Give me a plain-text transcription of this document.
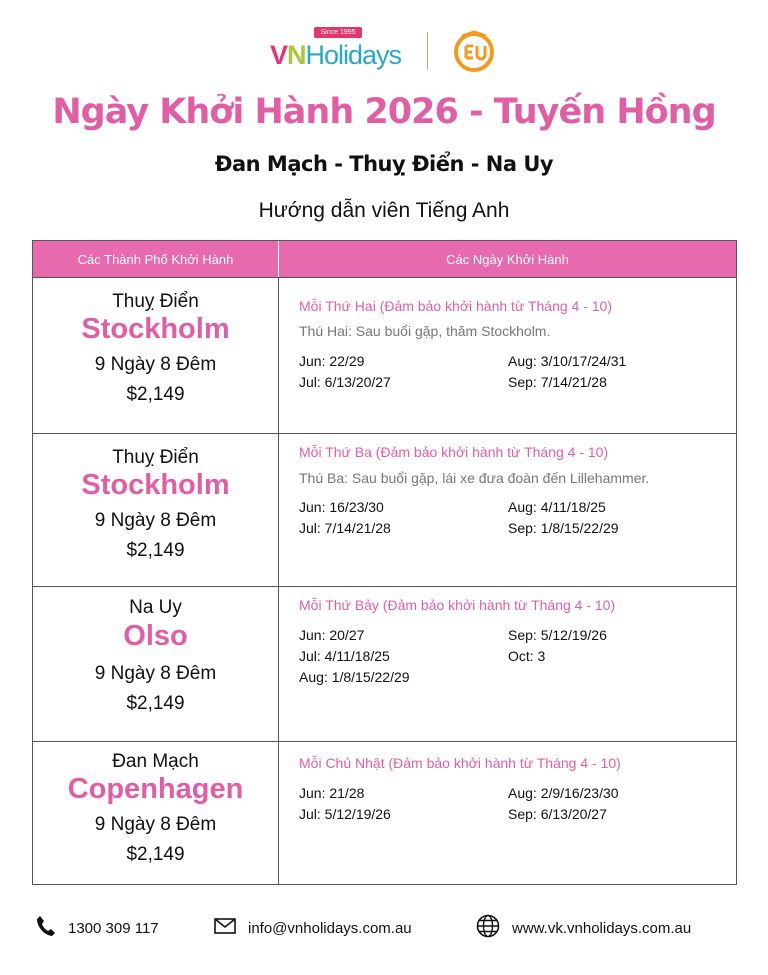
Since 1995
VNHolidays
Ngày Khởi Hành 2026 - Tuyến Hồng
Đan Mạch - Thuỵ Điển - Na Uy
Hướng dẫn viên Tiếng Anh
Các Thành Phố Khởi Hành	Các Ngày Khởi Hành
Thuỵ Điển
Stockholm
9 Ngày 8 Đêm
$2,149
Mỗi Thứ Hai (Đảm bảo khởi hành từ Tháng 4 - 10)
Thú Hai: Sau buổi gặp, thăm Stockholm.
Jun: 22/29	Aug: 3/10/17/24/31
Jul: 6/13/20/27	Sep: 7/14/21/28
Thuỵ Điển
Stockholm
9 Ngày 8 Đêm
$2,149
Mỗi Thứ Ba (Đảm bảo khởi hành từ Tháng 4 - 10)
Thú Ba: Sau buổi gặp, lái xe đưa đoàn đến Lillehammer.
Jun: 16/23/30	Aug: 4/11/18/25
Jul: 7/14/21/28	Sep: 1/8/15/22/29
Na Uy
Olso
9 Ngày 8 Đêm
$2,149
Mỗi Thứ Bảy (Đảm bảo khởi hành từ Tháng 4 - 10)
Jun: 20/27	Sep: 5/12/19/26
Jul: 4/11/18/25	Oct: 3
Aug: 1/8/15/22/29
Đan Mạch
Copenhagen
9 Ngày 8 Đêm
$2,149
Mỗi Chủ Nhật (Đảm bảo khởi hành từ Tháng 4 - 10)
Jun: 21/28	Aug: 2/9/16/23/30
Jul: 5/12/19/26	Sep: 6/13/20/27
1300 309 117	info@vnholidays.com.au	www.vk.vnholidays.com.au
